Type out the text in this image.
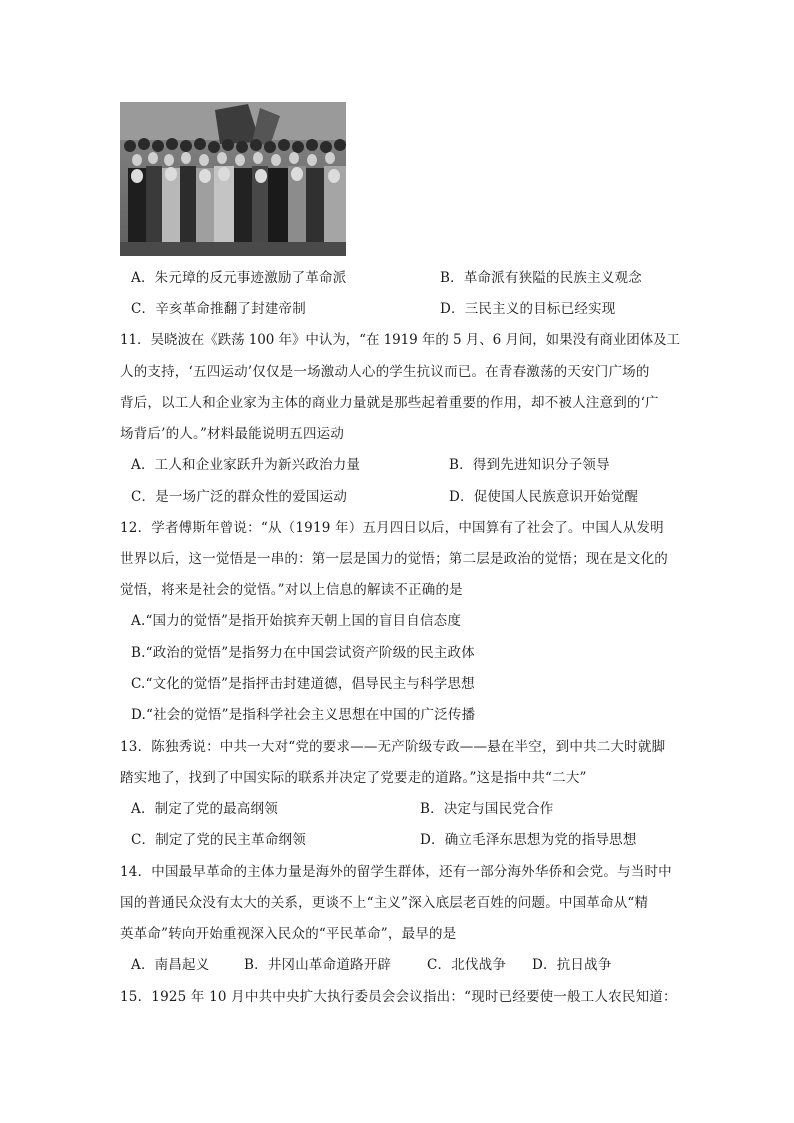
A．朱元璋的反元事迹激励了革命派	B．革命派有狭隘的民族主义观念
C．辛亥革命推翻了封建帝制	D．三民主义的目标已经实现
11．吴晓波在《跌荡 100 年》中认为，“在 1919 年的 5 月、6 月间，如果没有商业团体及工
人的支持，‘五四运动’仅仅是一场激动人心的学生抗议而已。在青春激荡的天安门广场的
背后，以工人和企业家为主体的商业力量就是那些起着重要的作用，却不被人注意到的‘广
场背后’的人。”材料最能说明五四运动
A．工人和企业家跃升为新兴政治力量	B．得到先进知识分子领导
C．是一场广泛的群众性的爱国运动	D．促使国人民族意识开始觉醒
12．学者傅斯年曾说：“从（1919 年）五月四日以后，中国算有了社会了。中国人从发明
世界以后，这一觉悟是一串的：第一层是国力的觉悟；第二层是政治的觉悟；现在是文化的
觉悟，将来是社会的觉悟。”对以上信息的解读不正确的是
A.“国力的觉悟”是指开始摈弃天朝上国的盲目自信态度
B.“政治的觉悟”是指努力在中国尝试资产阶级的民主政体
C.“文化的觉悟”是指抨击封建道德，倡导民主与科学思想
D.“社会的觉悟”是指科学社会主义思想在中国的广泛传播
13．陈独秀说：中共一大对“党的要求——无产阶级专政——悬在半空，到中共二大时就脚
踏实地了，找到了中国实际的联系并决定了党要走的道路。”这是指中共“二大”
A．制定了党的最高纲领	B．决定与国民党合作
C．制定了党的民主革命纲领	D．确立毛泽东思想为党的指导思想
14．中国最早革命的主体力量是海外的留学生群体，还有一部分海外华侨和会党。与当时中
国的普通民众没有太大的关系，更谈不上“主义”深入底层老百姓的问题。中国革命从“精
英革命”转向开始重视深入民众的“平民革命”，最早的是
A．南昌起义	B．井冈山革命道路开辟	C．北伐战争 D．抗日战争
15．1925 年 10 月中共中央扩大执行委员会会议指出：“现时已经要使一般工人农民知道：
